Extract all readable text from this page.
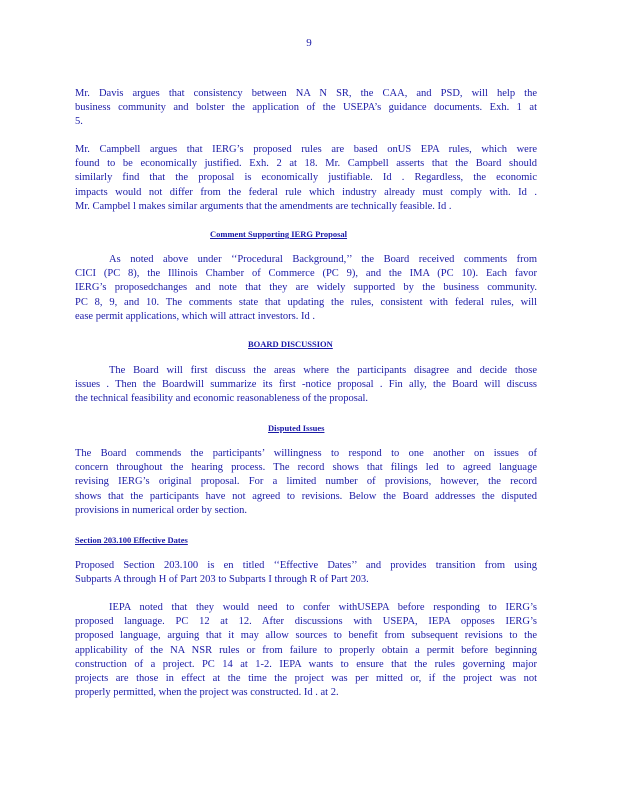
9
Mr. Davis argues that consistency between NA N SR, the CAA, and PSD, will help the
business community and bolster the application of the USEPA’s guidance documents. Exh. 1 at
5.
Mr. Campbell argues that IERG’s proposed rules are based onUS EPA rules, which were
found to be economically justified. Exh. 2 at 18. Mr. Campbell asserts that the Board should
similarly find that the proposal is economically justifiable. Id . Regardless, the economic
impacts would not differ from the federal rule which industry already must comply with. Id .
Mr. Campbel l makes similar arguments that the amendments are technically feasible. Id .
Comment Supporting IERG Proposal
As noted above under ‘‘Procedural Background,’’ the Board received comments from
CICI (PC 8), the Illinois Chamber of Commerce (PC 9), and the IMA (PC 10). Each favor
IERG’s proposedchanges and note that they are widely supported by the business community.
PC 8, 9, and 10. The comments state that updating the rules, consistent with federal rules, will
ease permit applications, which will attract investors. Id .
BOARD DISCUSSION
The Board will first discuss the areas where the participants disagree and decide those
issues . Then the Boardwill summarize its first -notice proposal . Fin ally, the Board will discuss
the technical feasibility and economic reasonableness of the proposal.
Disputed Issues
The Board commends the participants’ willingness to respond to one another on issues of
concern throughout the hearing process. The record shows that filings led to agreed language
revising IERG’s original proposal. For a limited number of provisions, however, the record
shows that the participants have not agreed to revisions. Below the Board addresses the disputed
provisions in numerical order by section.
Section 203.100 Effective Dates
Proposed Section 203.100 is en titled ‘‘Effective Dates’’ and provides transition from using
Subparts A through H of Part 203 to Subparts I through R of Part 203.
IEPA noted that they would need to confer withUSEPA before responding to IERG’s
proposed language. PC 12 at 12. After discussions with USEPA, IEPA opposes IERG’s
proposed language, arguing that it may allow sources to benefit from subsequent revisions to the
applicability of the NA NSR rules or from failure to properly obtain a permit before beginning
construction of a project. PC 14 at 1-2. IEPA wants to ensure that the rules governing major
projects are those in effect at the time the project was per mitted or, if the project was not
properly permitted, when the project was constructed. Id . at 2.
